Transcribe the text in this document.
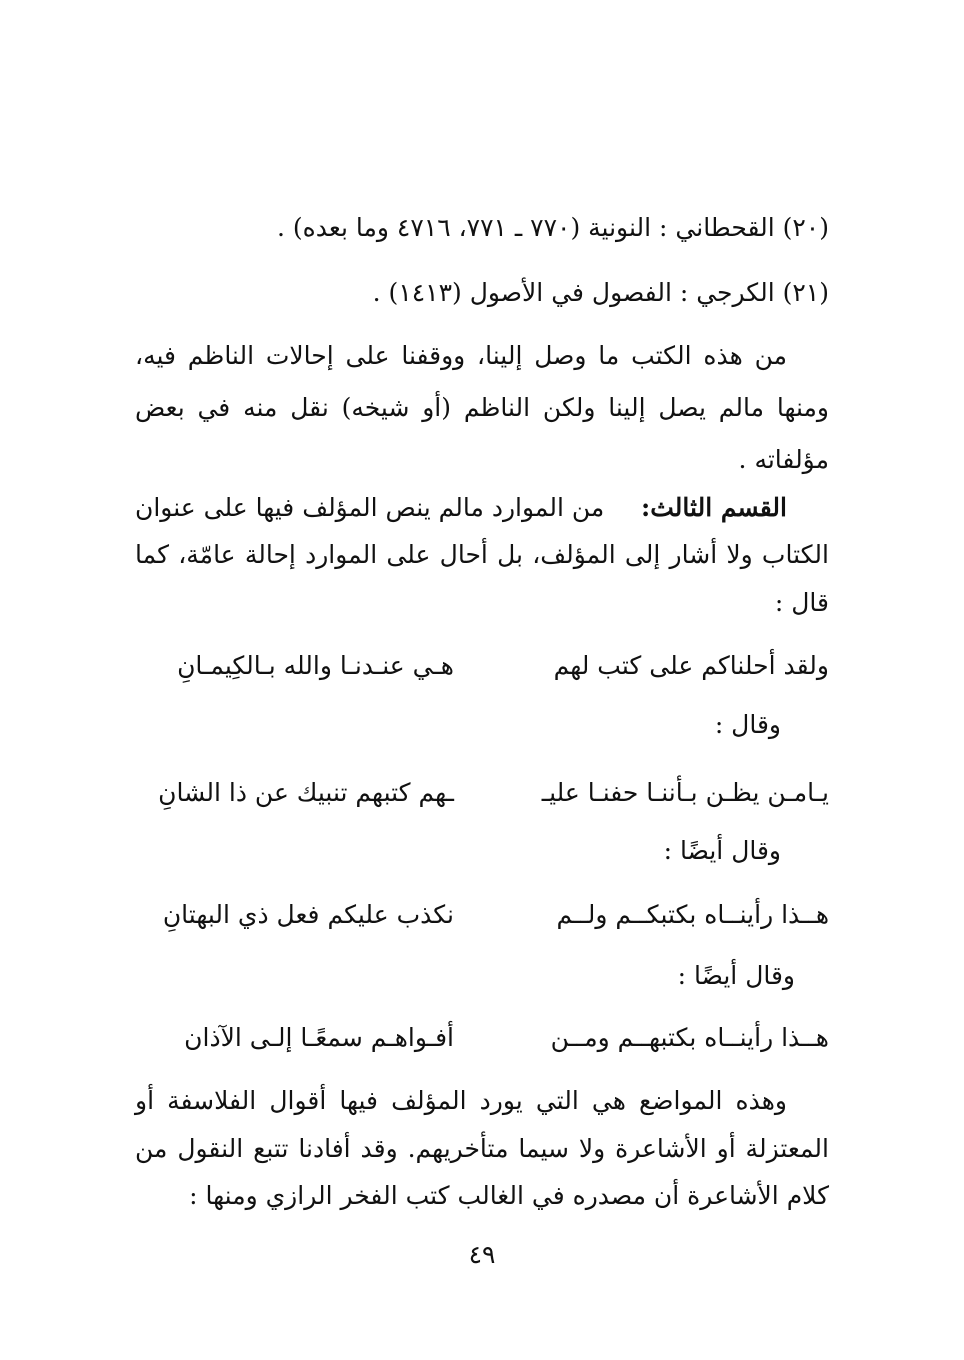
(٢٠) القحطاني : النونية (٧٧٠ ـ ٧٧١، ٤٧١٦ وما بعده) .
(٢١) الكرجي : الفصول في الأصول (١٤١٣) .
من هذه الكتب ما وصل إلينا، ووقفنا على إحالات الناظم فيه،
ومنها مالم يصل إلينا ولكن الناظم (أو شيخه) نقل منه في بعض
مؤلفاته .
القسم الثالث:
من الموارد مالم ينص المؤلف فيها على عنوان
الكتاب ولا أشار إلى المؤلف، بل أحال على الموارد إحالة عامّة، كما
قال :
ولقد أحلناكم على كتب لهم
هـي عنـدنـا والله بـالكِيمـانِ
وقال :
يـامـن يظـن بـأننـا حفنـا عليـ
ـهم كتبهم تنبيك عن ذا الشانِ
وقال أيضًا :
هــذا رأينــاه بكتبكــم ولــم
نكذب عليكم فعل ذي البهتانِ
وقال أيضًا :
هــذا رأينــاه بكتبهــم ومــن
أفـواهـم سمعًـا إلـى الآذان
وهذه المواضع هي التي يورد المؤلف فيها أقوال الفلاسفة أو
المعتزلة أو الأشاعرة ولا سيما متأخريهم. وقد أفادنا تتبع النقول من
كلام الأشاعرة أن مصدره في الغالب كتب الفخر الرازي ومنها :
٤٩
